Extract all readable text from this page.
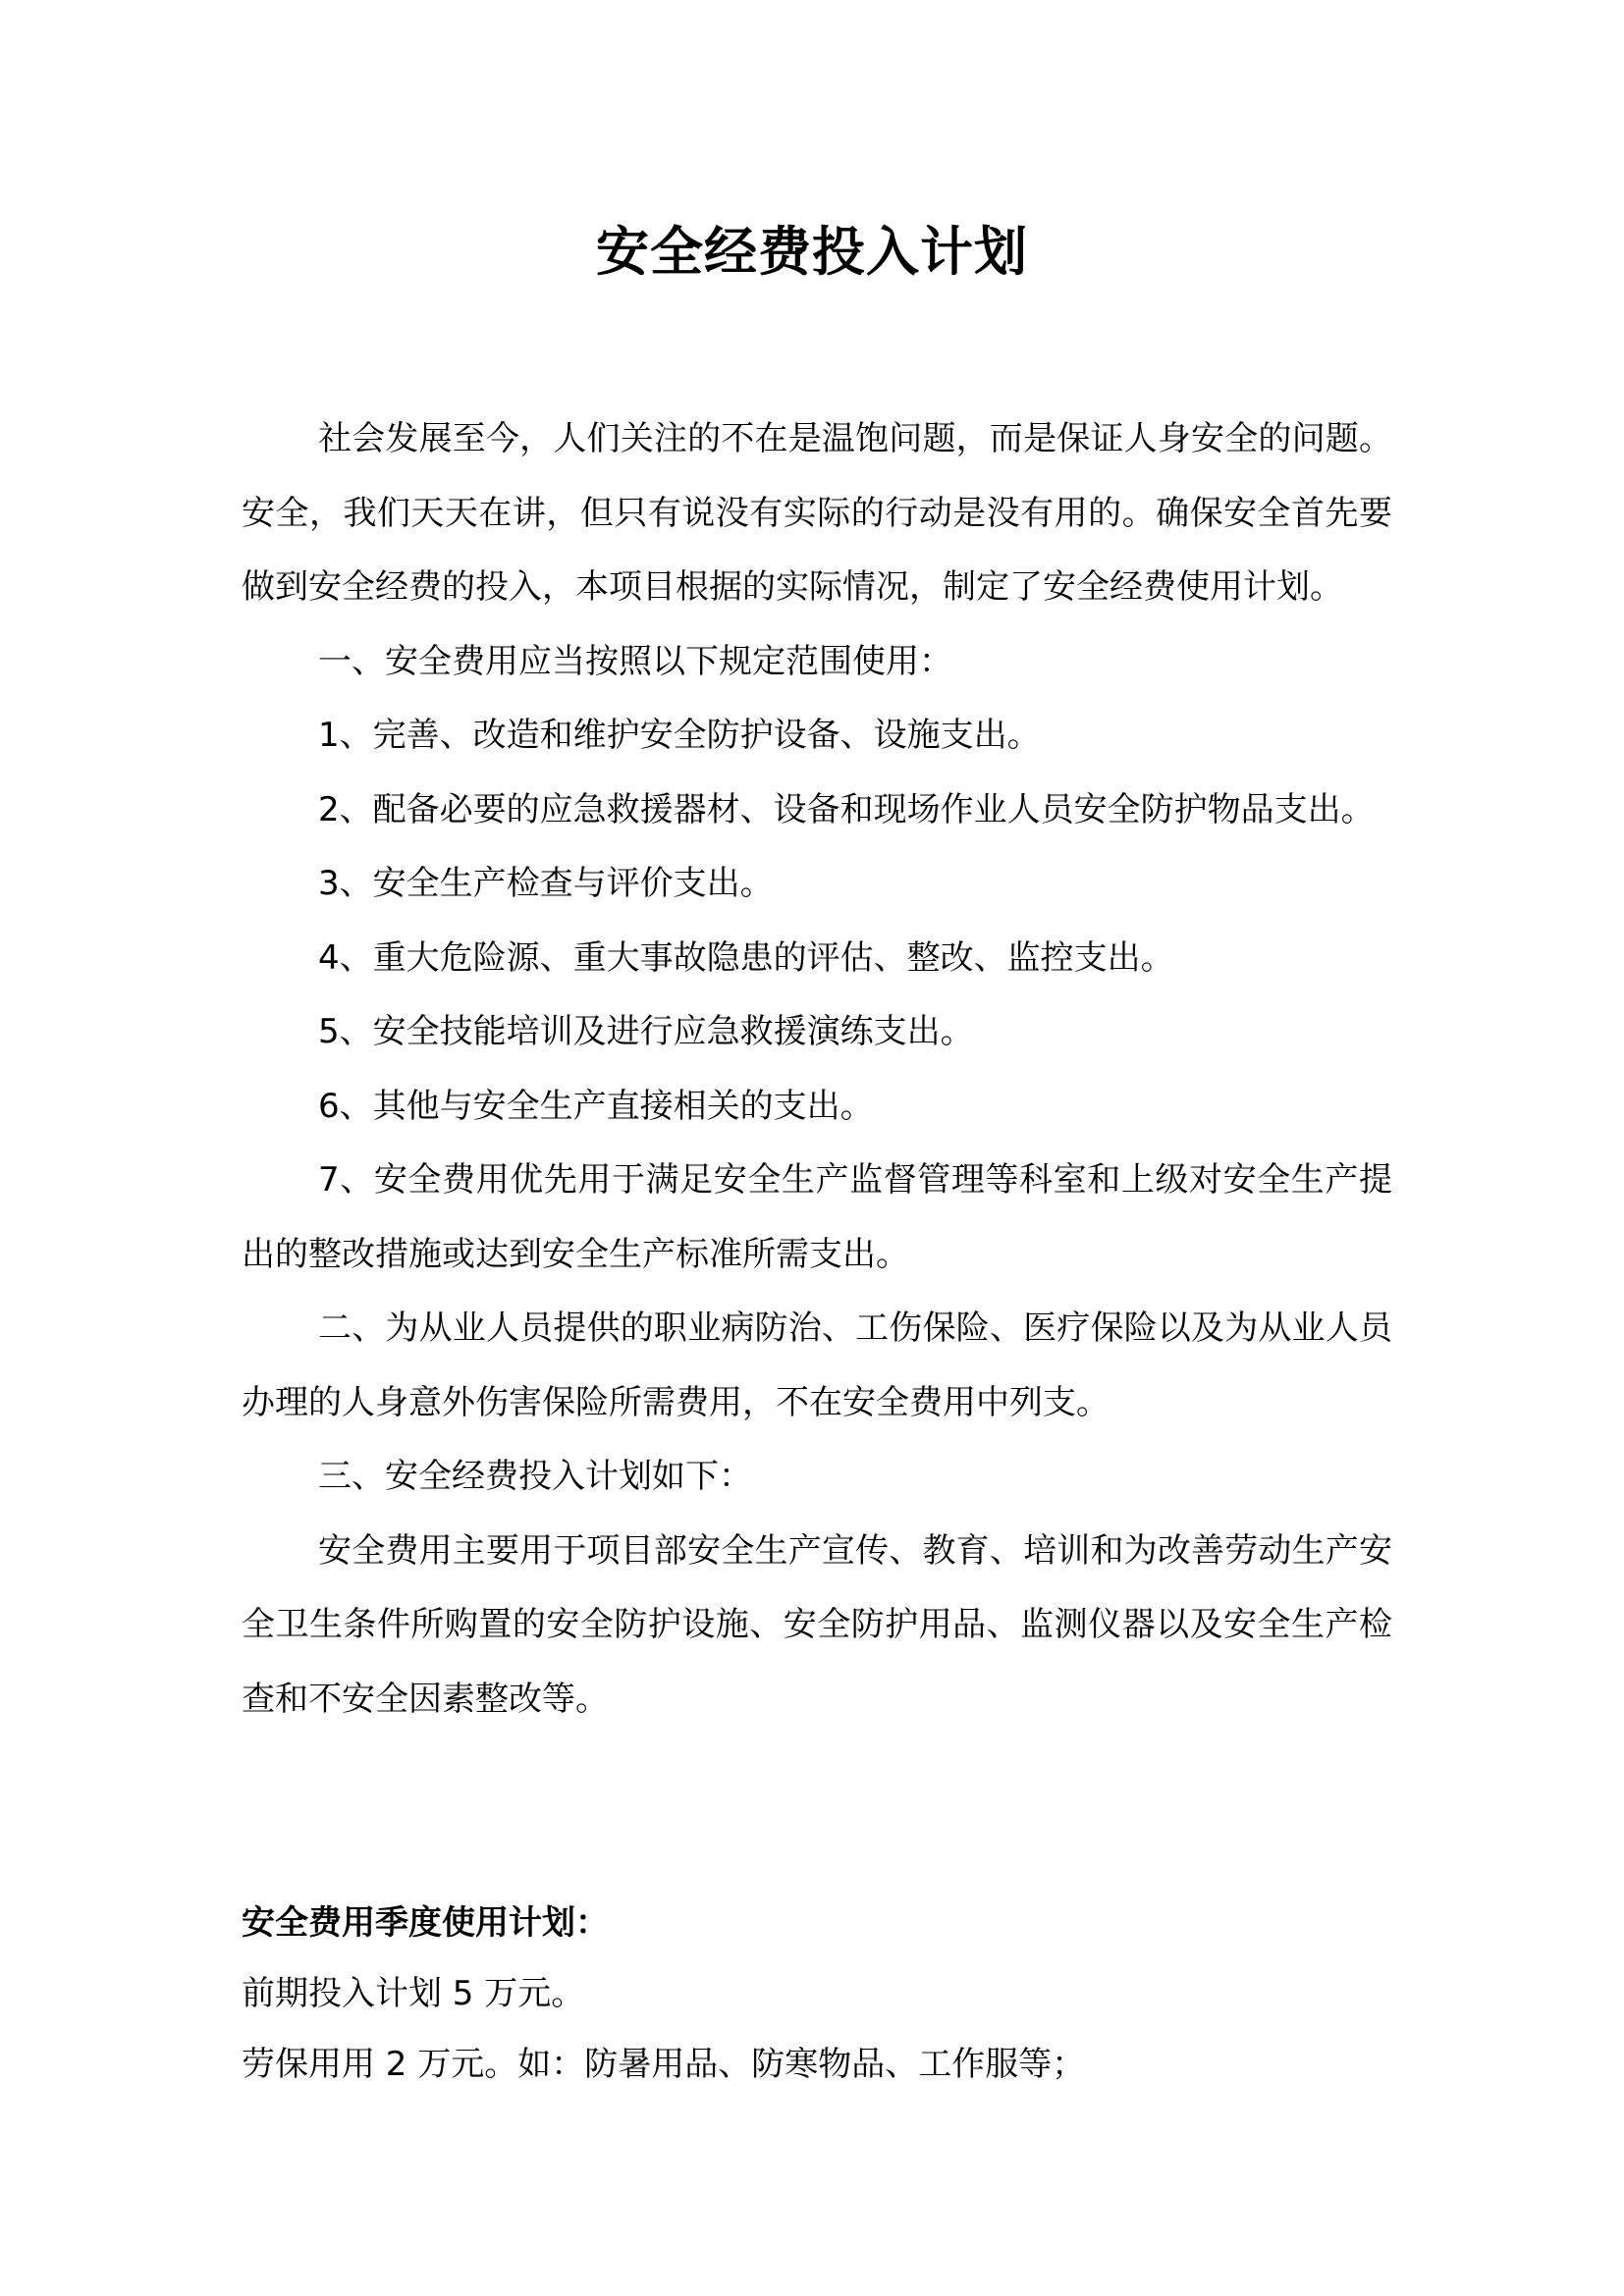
安全经费投入计划

社会发展至今，人们关注的不在是温饱问题，而是保证人身安全的问题。安全，我们天天在讲，但只有说没有实际的行动是没有用的。确保安全首先要做到安全经费的投入，本项目根据的实际情况，制定了安全经费使用计划。

一、安全费用应当按照以下规定范围使用：

1、完善、改造和维护安全防护设备、设施支出。

2、配备必要的应急救援器材、设备和现场作业人员安全防护物品支出。

3、安全生产检查与评价支出。

4、重大危险源、重大事故隐患的评估、整改、监控支出。

5、安全技能培训及进行应急救援演练支出。

6、其他与安全生产直接相关的支出。

7、安全费用优先用于满足安全生产监督管理等科室和上级对安全生产提出的整改措施或达到安全生产标准所需支出。

二、为从业人员提供的职业病防治、工伤保险、医疗保险以及为从业人员办理的人身意外伤害保险所需费用，不在安全费用中列支。

三、安全经费投入计划如下：

安全费用主要用于项目部安全生产宣传、教育、培训和为改善劳动生产安全卫生条件所购置的安全防护设施、安全防护用品、监测仪器以及安全生产检查和不安全因素整改等。

安全费用季度使用计划：

前期投入计划 5 万元。

劳保用用 2 万元。如：防暑用品、防寒物品、工作服等；
